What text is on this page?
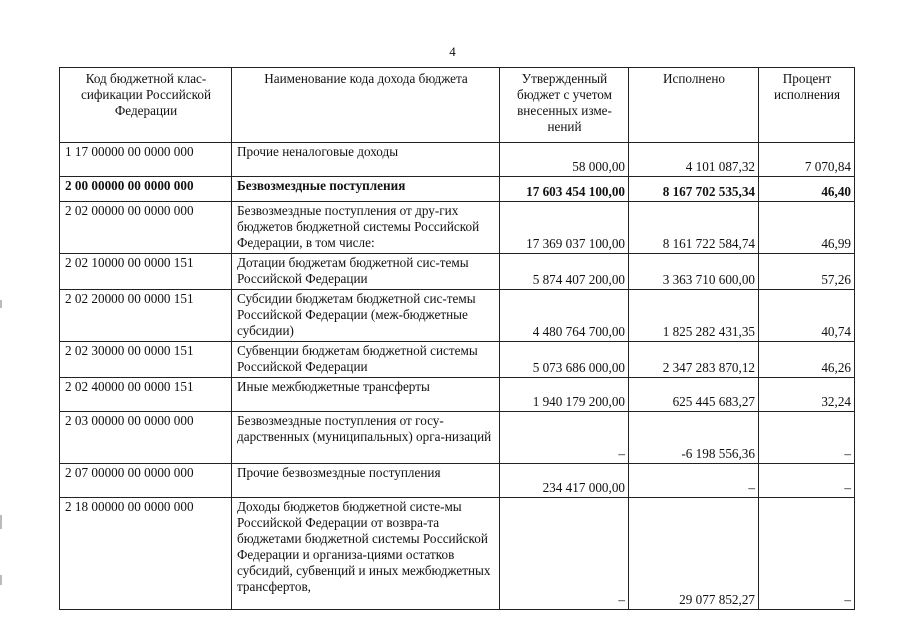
4
Код бюджетной клас-сификации Российской Федерации	Наименование кода дохода бюджета	Утвержденный бюджет с учетом внесенных изме-нений	Исполнено	Процент исполнения
1 17 00000 00 0000 000	Прочие неналоговые доходы	58 000,00	4 101 087,32	7 070,84
2 00 00000 00 0000 000	Безвозмездные поступления	17 603 454 100,00	8 167 702 535,34	46,40
2 02 00000 00 0000 000	Безвозмездные поступления от дру-гих бюджетов бюджетной системы Российской Федерации, в том числе:	17 369 037 100,00	8 161 722 584,74	46,99
2 02 10000 00 0000 151	Дотации бюджетам бюджетной сис-темы Российской Федерации	5 874 407 200,00	3 363 710 600,00	57,26
2 02 20000 00 0000 151	Субсидии бюджетам бюджетной сис-темы Российской Федерации (меж-бюджетные субсидии)	4 480 764 700,00	1 825 282 431,35	40,74
2 02 30000 00 0000 151	Субвенции бюджетам бюджетной системы Российской Федерации	5 073 686 000,00	2 347 283 870,12	46,26
2 02 40000 00 0000 151	Иные межбюджетные трансферты	1 940 179 200,00	625 445 683,27	32,24
2 03 00000 00 0000 000	Безвозмездные поступления от госу-дарственных (муниципальных) орга-низаций	–	-6 198 556,36	–
2 07 00000 00 0000 000	Прочие безвозмездные поступления	234 417 000,00	–	–
2 18 00000 00 0000 000	Доходы бюджетов бюджетной систе-мы Российской Федерации от возвра-та бюджетами бюджетной системы Российской Федерации и организа-циями остатков субсидий, субвенций и иных межбюджетных трансфертов,	–	29 077 852,27	–
